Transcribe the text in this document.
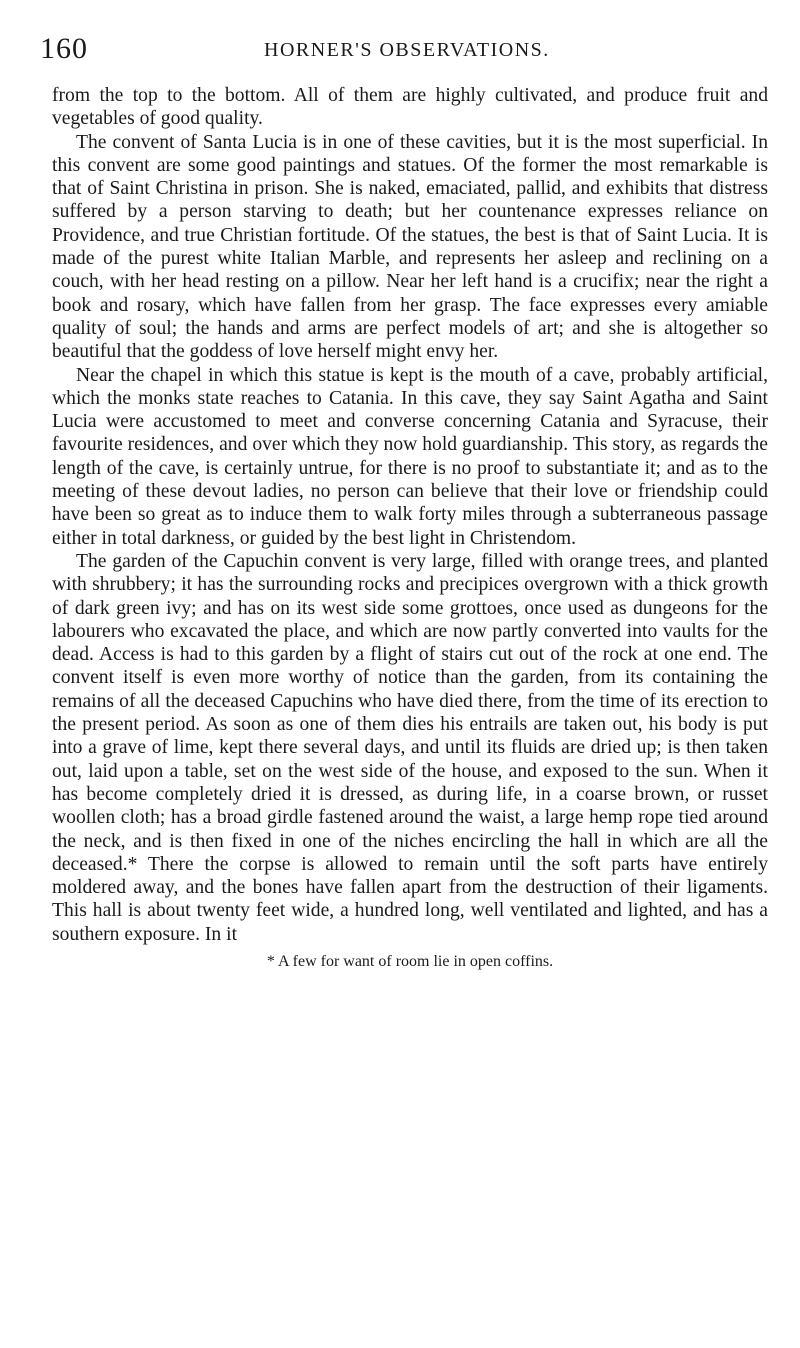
160	HORNER'S OBSERVATIONS.

from the top to the bottom. All of them are highly cultivated, and produce fruit and vegetables of good quality.

The convent of Santa Lucia is in one of these cavities, but it is the most superficial. In this convent are some good paintings and statues. Of the former the most remarkable is that of Saint Christina in prison. She is naked, emaciated, pallid, and exhibits that distress suffered by a person starving to death; but her countenance expresses reliance on Providence, and true Christian fortitude. Of the statues, the best is that of Saint Lucia. It is made of the purest white Italian Marble, and represents her asleep and reclining on a couch, with her head resting on a pillow. Near her left hand is a crucifix; near the right a book and rosary, which have fallen from her grasp. The face expresses every amiable quality of soul; the hands and arms are perfect models of art; and she is altogether so beautiful that the goddess of love herself might envy her.

Near the chapel in which this statue is kept is the mouth of a cave, probably artificial, which the monks state reaches to Catania. In this cave, they say Saint Agatha and Saint Lucia were accustomed to meet and converse concerning Catania and Syracuse, their favourite residences, and over which they now hold guardianship. This story, as regards the length of the cave, is certainly untrue, for there is no proof to substantiate it; and as to the meeting of these devout ladies, no person can believe that their love or friendship could have been so great as to induce them to walk forty miles through a subterraneous passage either in total darkness, or guided by the best light in Christendom.

The garden of the Capuchin convent is very large, filled with orange trees, and planted with shrubbery; it has the surrounding rocks and precipices overgrown with a thick growth of dark green ivy; and has on its west side some grottoes, once used as dungeons for the labourers who excavated the place, and which are now partly converted into vaults for the dead. Access is had to this garden by a flight of stairs cut out of the rock at one end. The convent itself is even more worthy of notice than the garden, from its containing the remains of all the deceased Capuchins who have died there, from the time of its erection to the present period. As soon as one of them dies his entrails are taken out, his body is put into a grave of lime, kept there several days, and until its fluids are dried up; is then taken out, laid upon a table, set on the west side of the house, and exposed to the sun. When it has become completely dried it is dressed, as during life, in a coarse brown, or russet woollen cloth; has a broad girdle fastened around the waist, a large hemp rope tied around the neck, and is then fixed in one of the niches encircling the hall in which are all the deceased.* There the corpse is allowed to remain until the soft parts have entirely moldered away, and the bones have fallen apart from the destruction of their ligaments. This hall is about twenty feet wide, a hundred long, well ventilated and lighted, and has a southern exposure. In it

* A few for want of room lie in open coffins.
